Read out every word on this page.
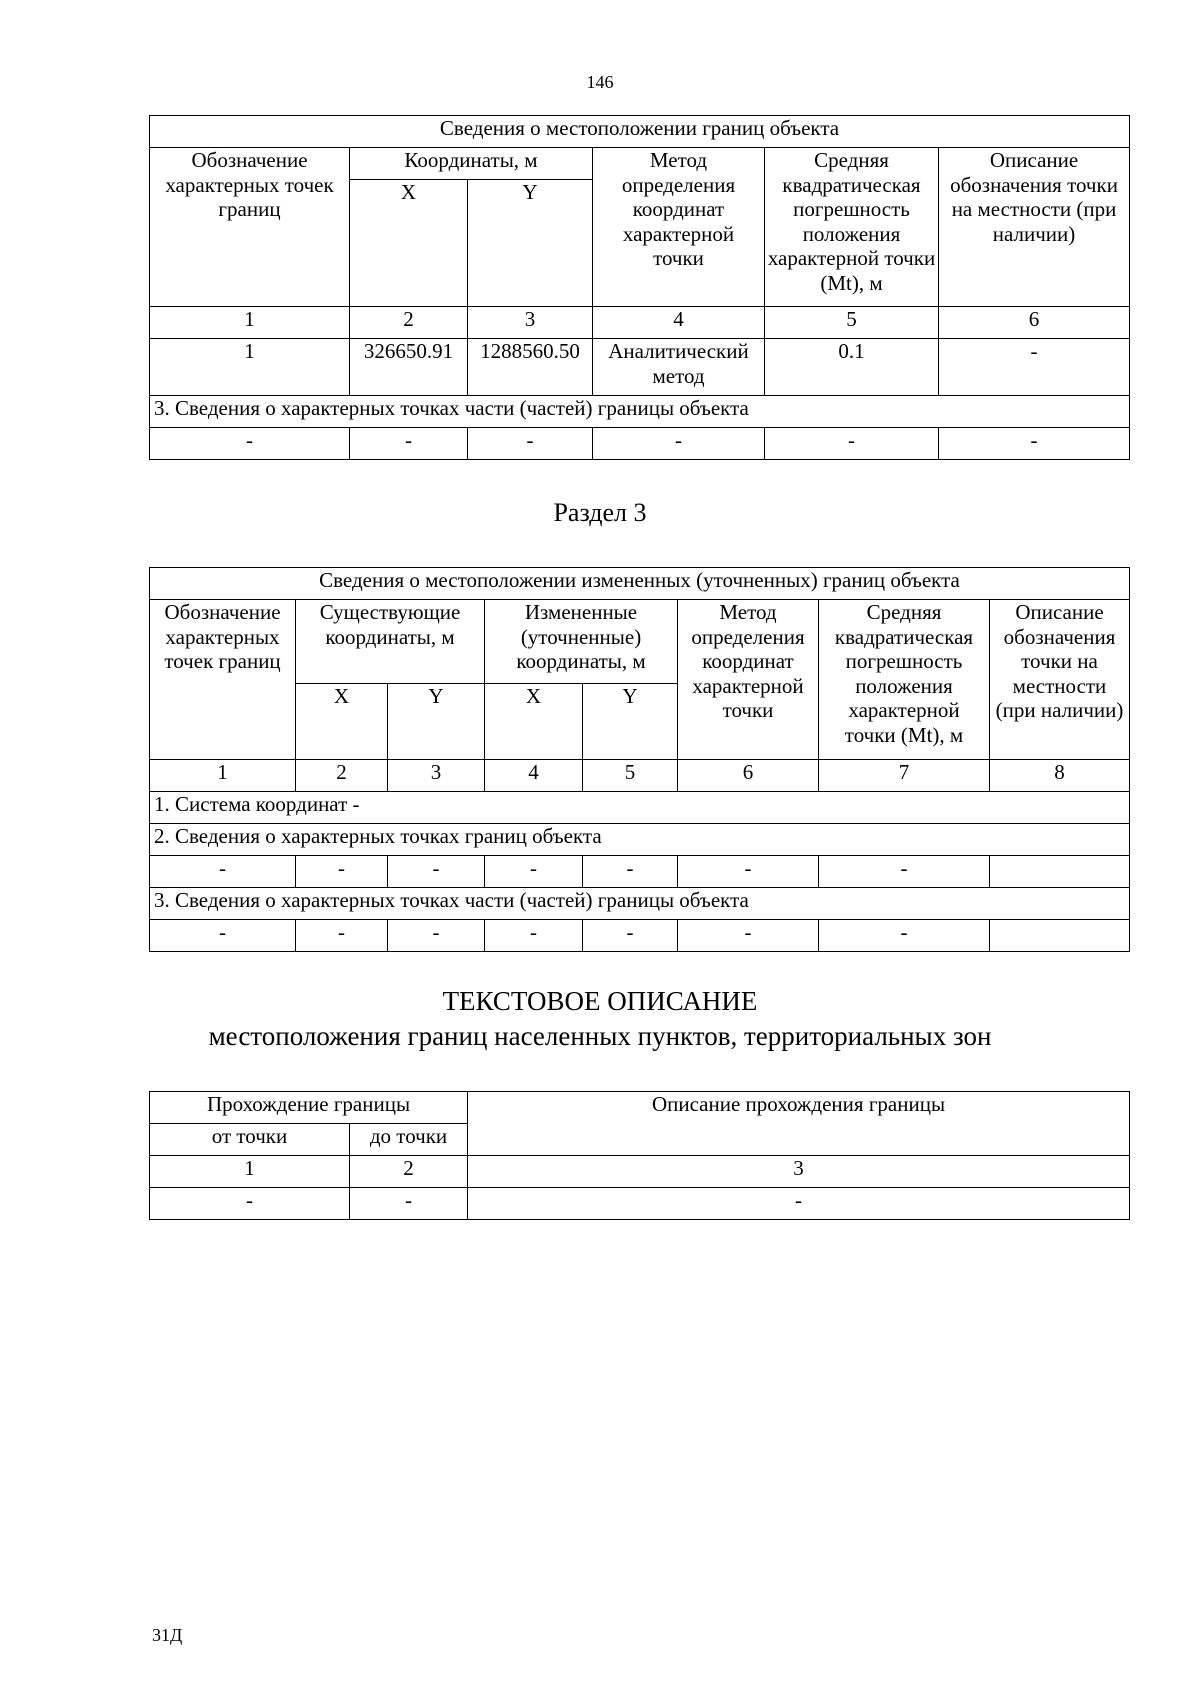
146
Сведения о местоположении границ объекта					
Обозначение характерных точек границ	Координаты, м		Метод определения координат характерной точки	Средняя квадратическая погрешность положения характерной точки (Mt), м	Описание обозначения точки на местности (при наличии)
	X	Y			
1	2	3	4	5	6
1	326650.91	1288560.50	Аналитический метод	0.1	-
3. Сведения о характерных точках части (частей) границы объекта					
-	-	-	-	-	-
Раздел 3
Сведения о местоположении измененных (уточненных) границ объекта							
Обозначение характерных точек границ	Существующие координаты, м		Измененные (уточненные) координаты, м		Метод определения координат характерной точки	Средняя квадратическая погрешность положения характерной точки (Mt), м	Описание обозначения точки на местности (при наличии)
	X	Y	X	Y			
1	2	3	4	5	6	7	8
1. Система координат -							
2. Сведения о характерных точках границ объекта							
-	-	-	-	-	-	-	
3. Сведения о характерных точках части (частей) границы объекта							
-	-	-	-	-	-	-	
ТЕКСТОВОЕ ОПИСАНИЕ
местоположения границ населенных пунктов, территориальных зон
Прохождение границы		Описание прохождения границы
от точки	до точки	
1	2	3
-	-	-
31Д
